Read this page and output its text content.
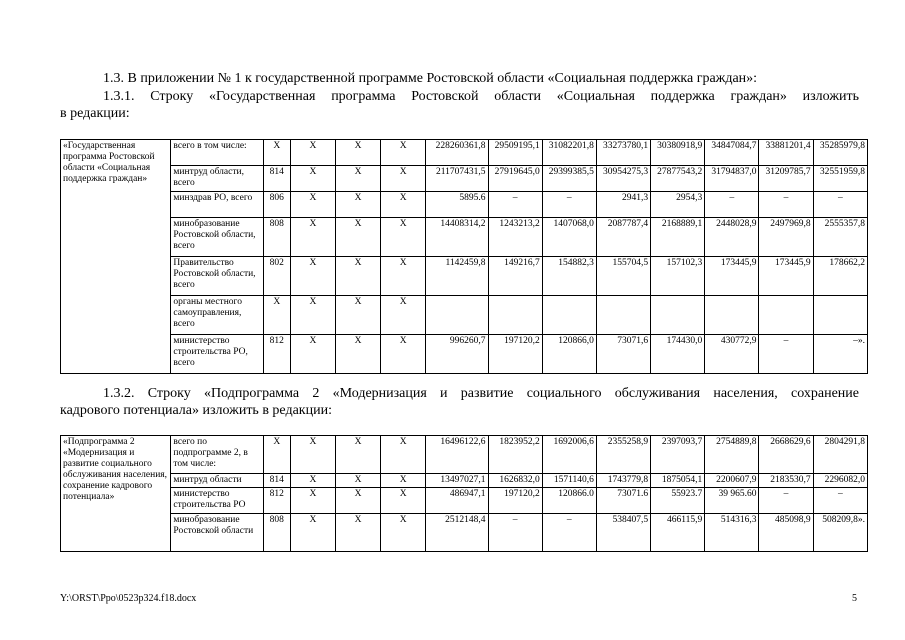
1.3. В приложении № 1 к государственной программе Ростовской области «Социальная поддержка граждан»:
1.3.1. Строку «Государственная программа Ростовской области «Социальная поддержка граждан» изложить
в редакции:
«Государственная программа Ростовской области «Социальная поддержка граждан»	всего в том числе:	X	X	X	X	228260361,8	29509195,1	31082201,8	33273780,1	30380918,9	34847084,7	33881201,4	35285979,8
	минтруд области, всего	814	X	X	X	211707431,5	27919645,0	29399385,5	30954275,3	27877543,2	31794837,0	31209785,7	32551959,8
	минздрав РО, всего	806	X	X	X	5895.6	–	–	2941,3	2954,3	–	–	–
	минобразование Ростовской области, всего	808	X	X	X	14408314,2	1243213,2	1407068,0	2087787,4	2168889,1	2448028,9	2497969,8	2555357,8
	Правительство Ростовской области, всего	802	X	X	X	1142459,8	149216,7	154882,3	155704,5	157102,3	173445,9	173445,9	178662,2
	органы местного самоуправления, всего	X	X	X	X								
	министерство строительства РО, всего	812	X	X	X	996260,7	197120,2	120866,0	73071,6	174430,0	430772,9	–	–».
1.3.2. Строку «Подпрограмма 2 «Модернизация и развитие социального обслуживания населения, сохранение
кадрового потенциала» изложить в редакции:
«Подпрограмма 2 «Модернизация и развитие социального обслуживания населения, сохранение кадрового потенциала»	всего по подпрограмме 2, в том числе:	X	X	X	X	16496122,6	1823952,2	1692006,6	2355258,9	2397093,7	2754889,8	2668629,6	2804291,8
	минтруд области	814	X	X	X	13497027,1	1626832,0	1571140,6	1743779,8	1875054,1	2200607,9	2183530,7	2296082,0
	министерство строительства РО	812	X	X	X	486947,1	197120,2	120866.0	73071.6	55923.7	39 965.60	–	–
	минобразование Ростовской области	808	X	X	X	2512148,4	–	–	538407,5	466115,9	514316,3	485098,9	508209,8».
Y:\ORST\Ppo\0523p324.f18.docx	5
